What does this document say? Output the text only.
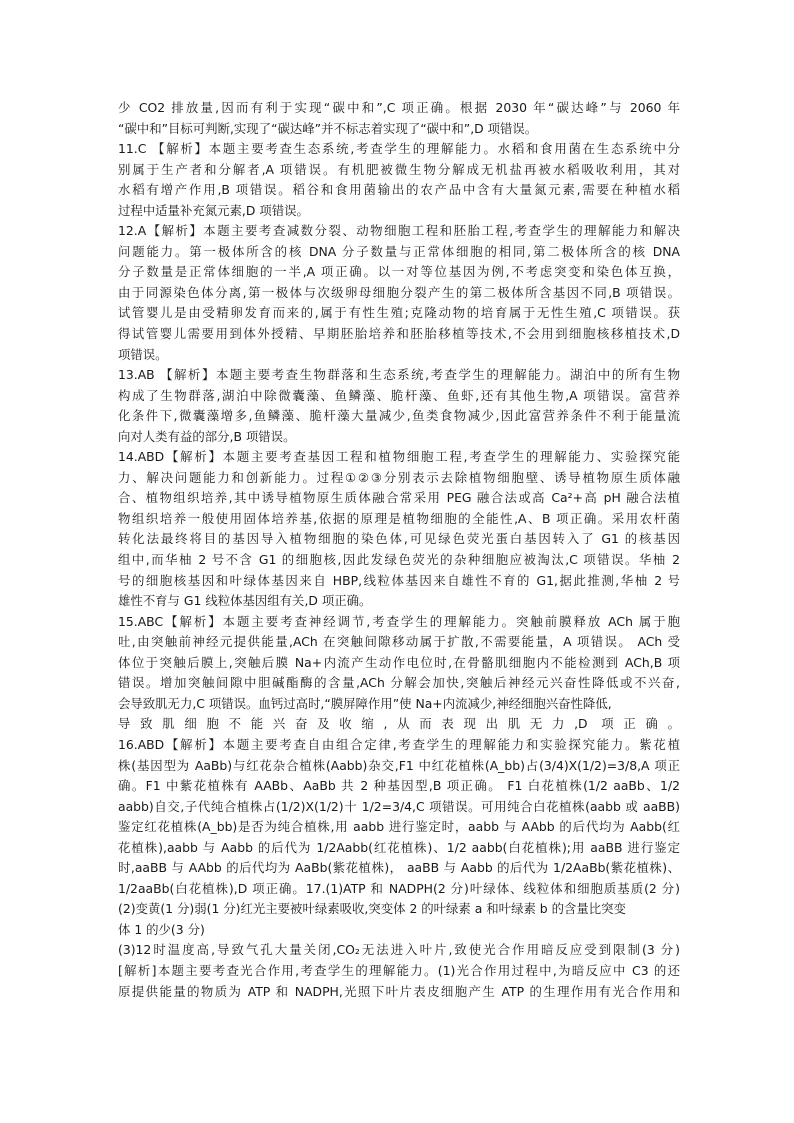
少 CO2 排放量,因而有利于实现“碳中和”,C 项正确。根据 2030 年“碳达峰”与 2060 年
“碳中和”目标可判断,实现了“碳达峰”并不标志着实现了“碳中和”,D 项错误。
11.C 【解析】本题主要考查生态系统,考查学生的理解能力。水稻和食用菌在生态系统中分
别属于生产者和分解者,A 项错误。有机肥被微生物分解成无机盐再被水稻吸收利用，其对
水稻有增产作用,B 项错误。稻谷和食用菌输出的农产品中含有大量氮元素,需要在种植水稻
过程中适量补充氮元素,D 项错误。
12.A【解析】本题主要考查减数分裂、动物细胞工程和胚胎工程,考查学生的理解能力和解决
问题能力。第一极体所含的核 DNA 分子数量与正常体细胞的相同,第二极体所含的核 DNA
分子数量是正常体细胞的一半,A 项正确。以一对等位基因为例,不考虑突变和染色体互换，
由于同源染色体分离,第一极体与次级卵母细胞分裂产生的第二极体所含基因不同,B 项错误。
试管婴儿是由受精卵发育而来的,属于有性生殖;克隆动物的培育属于无性生殖,C 项错误。获
得试管婴儿需要用到体外授精、早期胚胎培养和胚胎移植等技术,不会用到细胞核移植技术,D
项错误。
13.AB 【解析】本题主要考查生物群落和生态系统,考查学生的理解能力。湖泊中的所有生物
构成了生物群落,湖泊中除微囊藻、鱼鳞藻、脆杆藻、鱼虾,还有其他生物,A 项错误。富营养
化条件下,微囊藻增多,鱼鳞藻、脆杆藻大量减少,鱼类食物减少,因此富营养条件不利于能量流
向对人类有益的部分,B 项错误。
14.ABD【解析】本题主要考查基因工程和植物细胞工程,考查学生的理解能力、实验探究能
力、解决问题能力和创新能力。过程①②③分别表示去除植物细胞壁、诱导植物原生质体融
合、植物组织培养,其中诱导植物原生质体融合常采用 PEG 融合法或高 Ca²+高 pH 融合法植
物组织培养一般使用固体培养基,依据的原理是植物细胞的全能性,A、B 项正确。采用农杆菌
转化法最终将目的基因导入植物细胞的染色体,可见绿色荧光蛋白基因转入了 G1 的核基因
组中,而华柚 2 号不含 G1 的细胞核,因此发绿色荧光的杂种细胞应被淘汰,C 项错误。华柚 2
号的细胞核基因和叶绿体基因来自 HBP,线粒体基因来自雄性不育的 G1,据此推测,华柚 2 号
雄性不育与 G1 线粒体基因组有关,D 项正确。
15.ABC【解析】本题主要考查神经调节,考查学生的理解能力。突触前膜释放 ACh 属于胞
吐,由突触前神经元提供能量,ACh 在突触间隙移动属于扩散,不需要能量，A 项错误。 ACh 受
体位于突触后膜上,突触后膜 Na+内流产生动作电位时,在骨骼肌细胞内不能检测到 ACh,B 项
错误。增加突触间隙中胆碱酯酶的含量,ACh 分解会加快,突触后神经元兴奋性降低或不兴奋,
会导致肌无力,C 项错误。血钙过高时,“膜屏障作用”使 Na+内流减少,神经细胞兴奋性降低,
导致肌细胞不能兴奋及收缩,从而表现出肌无力,D 项正确。
16.ABD【解析】本题主要考查自由组合定律,考查学生的理解能力和实验探究能力。紫花植
株(基因型为 AaBb)与红花杂合植株(Aabb)杂交,F1 中红花植株(A_bb)占(3/4)X(1/2)=3/8,A 项正
确。F1 中紫花植株有 AABb、AaBb 共 2 种基因型,B 项正确。 F1 白花植株(1/2 aaBb、1/2
aabb)自交,子代纯合植株占(1/2)X(1/2)十 1/2=3/4,C 项错误。可用纯合白花植株(aabb 或 aaBB)
鉴定红花植株(A_bb)是否为纯合植株,用 aabb 进行鉴定时，aabb 与 AAbb 的后代均为 Aabb(红
花植株),aabb 与 Aabb 的后代为 1/2Aabb(红花植株)、1/2 aabb(白花植株);用 aaBB 进行鉴定
时,aaBB 与 AAbb 的后代均为 AaBb(紫花植株)， aaBB 与 Aabb 的后代为 1/2AaBb(紫花植株)、
1/2aaBb(白花植株),D 项正确。17.(1)ATP 和 NADPH(2 分)叶绿体、线粒体和细胞质基质(2 分)
(2)变黄(1 分)弱(1 分)红光主要被叶绿素吸收,突变体 2 的叶绿素 a 和叶绿素 b 的含量比突变
体 1 的少(3 分)
(3)12时温度高,导致气孔大量关闭,CO₂无法进入叶片,致使光合作用暗反应受到限制(3 分)
[解析]本题主要考查光合作用,考查学生的理解能力。(1)光合作用过程中,为暗反应中 C3 的还
原提供能量的物质为 ATP 和 NADPH,光照下叶片表皮细胞产生 ATP 的生理作用有光合作用和
